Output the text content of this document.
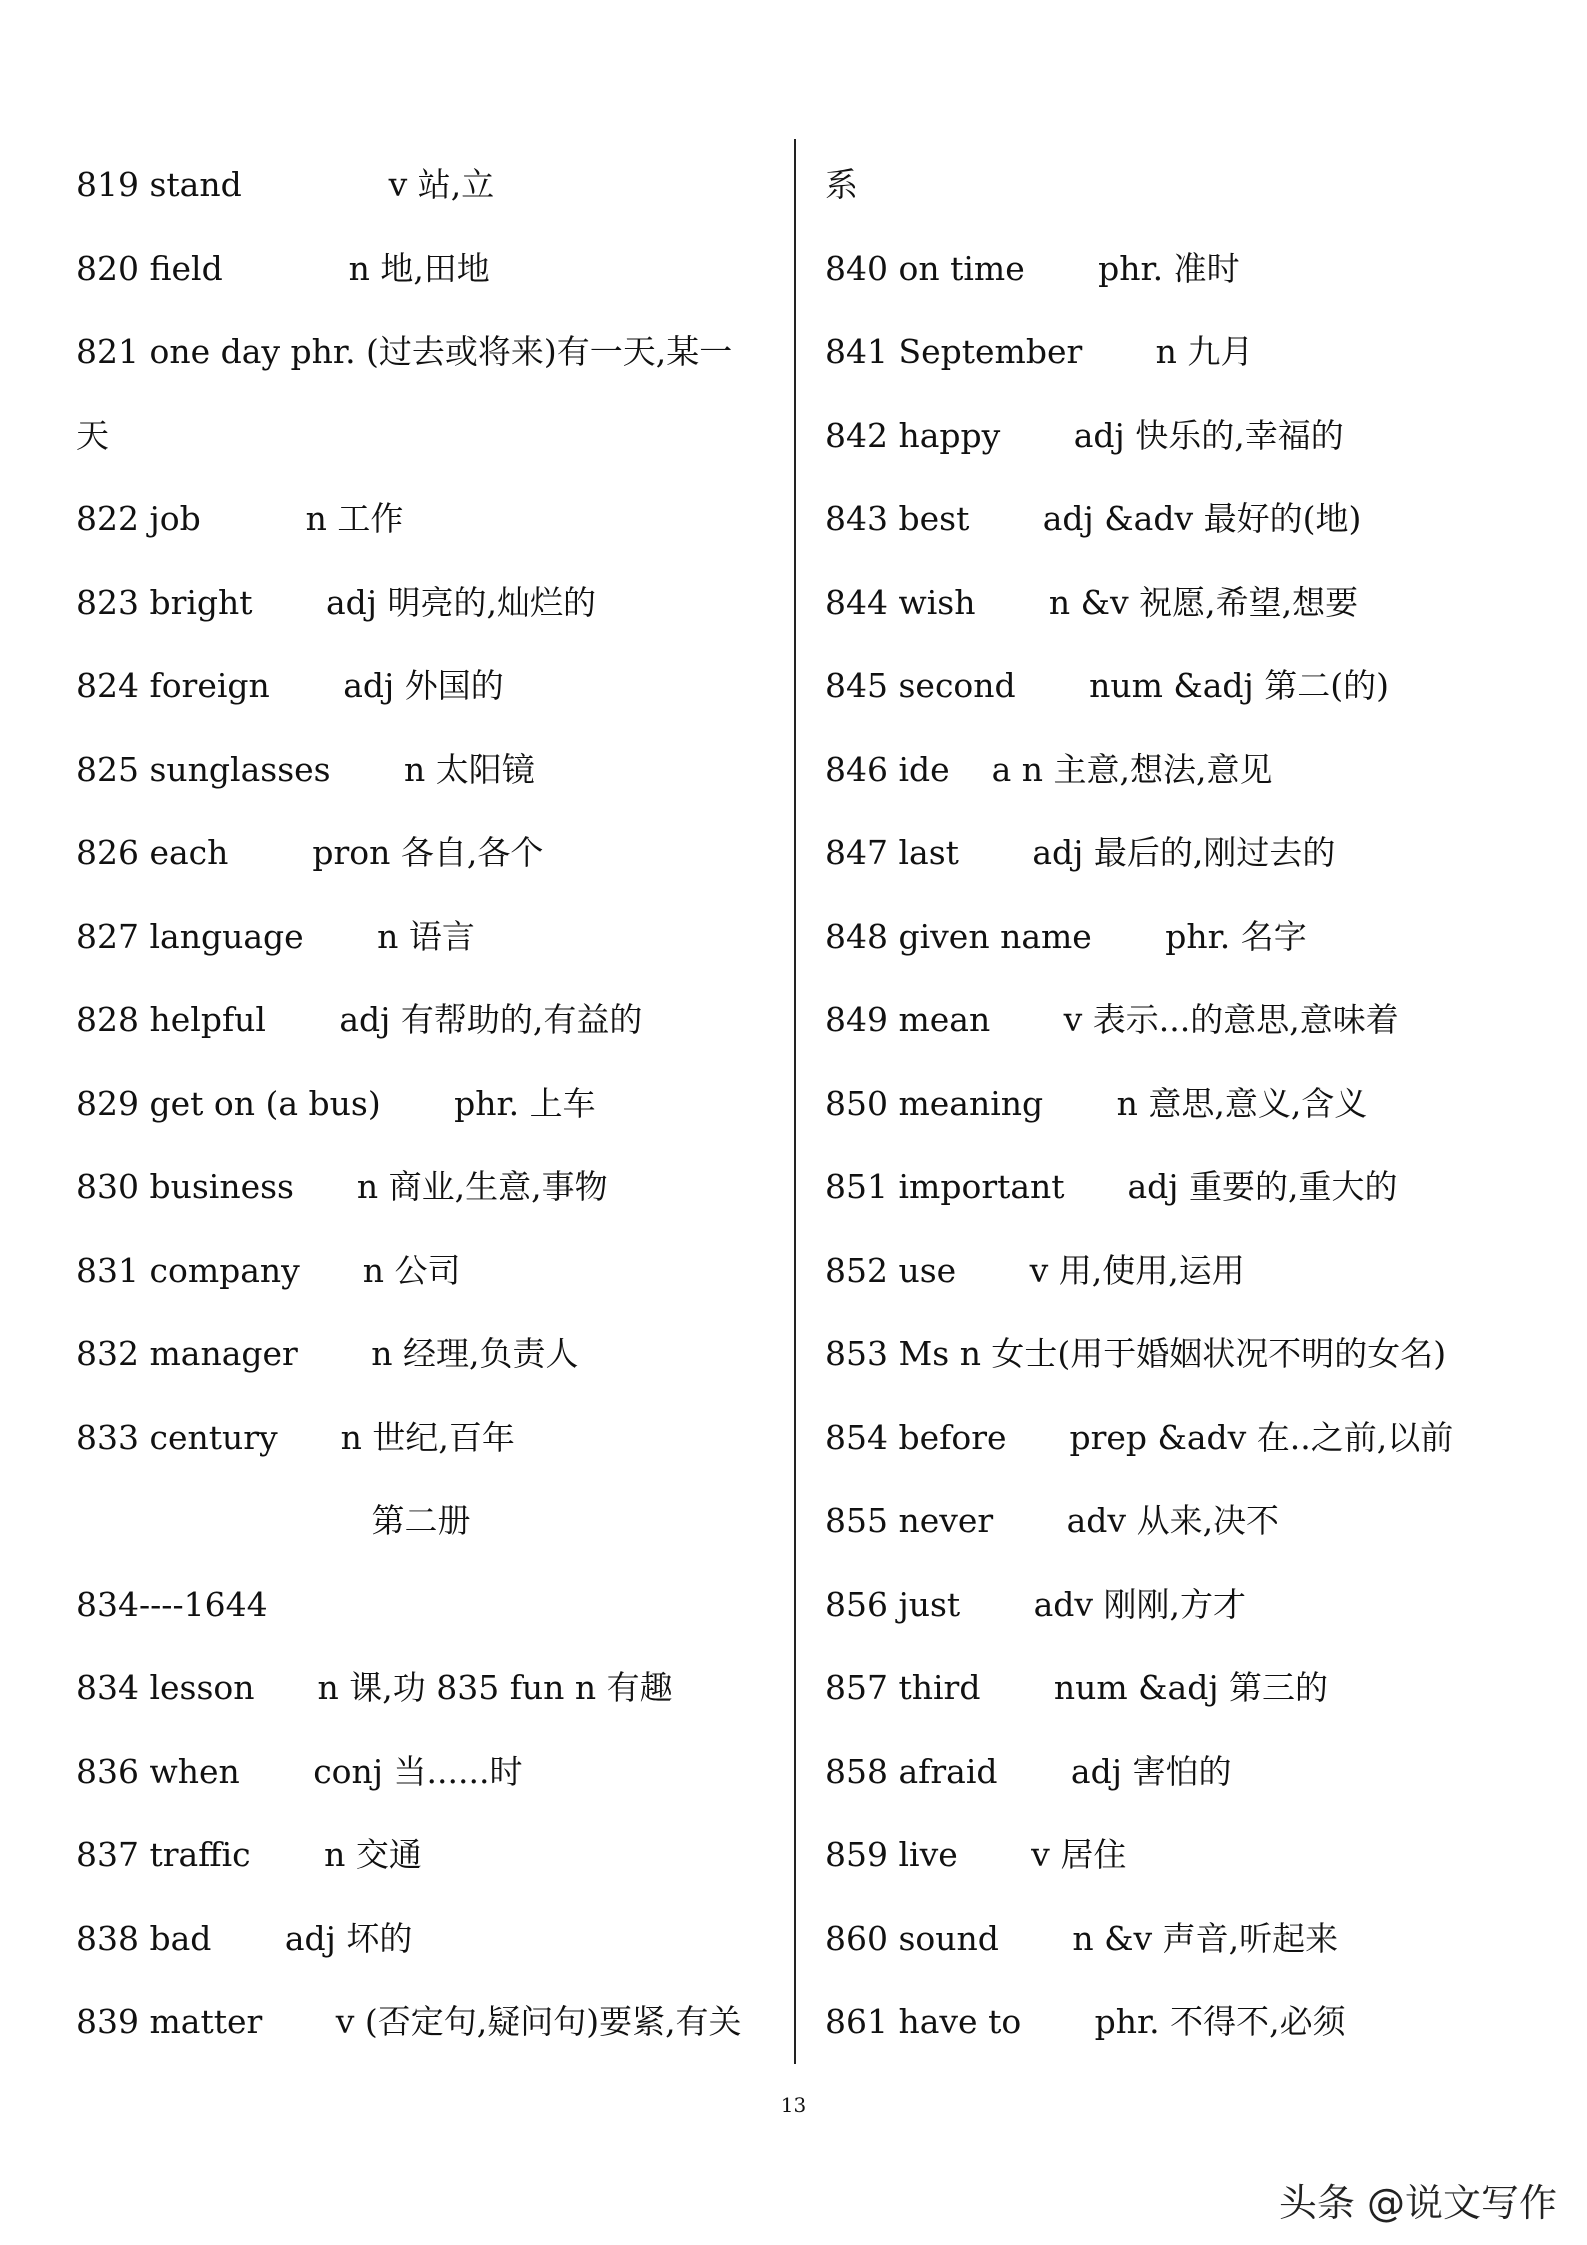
819 stand              v 站,立
820 field            n 地,田地
821 one day phr. (过去或将来)有一天,某一
天
822 job          n 工作
823 bright       adj 明亮的,灿烂的
824 foreign       adj 外国的
825 sunglasses       n 太阳镜
826 each        pron 各自,各个
827 language       n 语言
828 helpful       adj 有帮助的,有益的
829 get on (a bus)       phr. 上车
830 business      n 商业,生意,事物
831 company      n 公司
832 manager       n 经理,负责人
833 century      n 世纪,百年
第二册
834----1644
834 lesson      n 课,功 835 fun n 有趣
836 when       conj 当......时
837 traffic       n 交通
838 bad       adj 坏的
839 matter       v (否定句,疑问句)要紧,有关
系
840 on time       phr. 准时
841 September       n 九月
842 happy       adj 快乐的,幸福的
843 best       adj &adv 最好的(地)
844 wish       n &v 祝愿,希望,想要
845 second       num &adj 第二(的)
846 ide    a n 主意,想法,意见
847 last       adj 最后的,刚过去的
848 given name       phr. 名字
849 mean       v 表示...的意思,意味着
850 meaning       n 意思,意义,含义
851 important      adj 重要的,重大的
852 use       v 用,使用,运用
853 Ms n 女士(用于婚姻状况不明的女名)
854 before      prep &adv 在..之前,以前
855 never       adv 从来,决不
856 just       adv 刚刚,方才
857 third       num &adj 第三的
858 afraid       adj 害怕的
859 live       v 居住
860 sound       n &v 声音,听起来
861 have to       phr. 不得不,必须
13
头条 @说文写作
